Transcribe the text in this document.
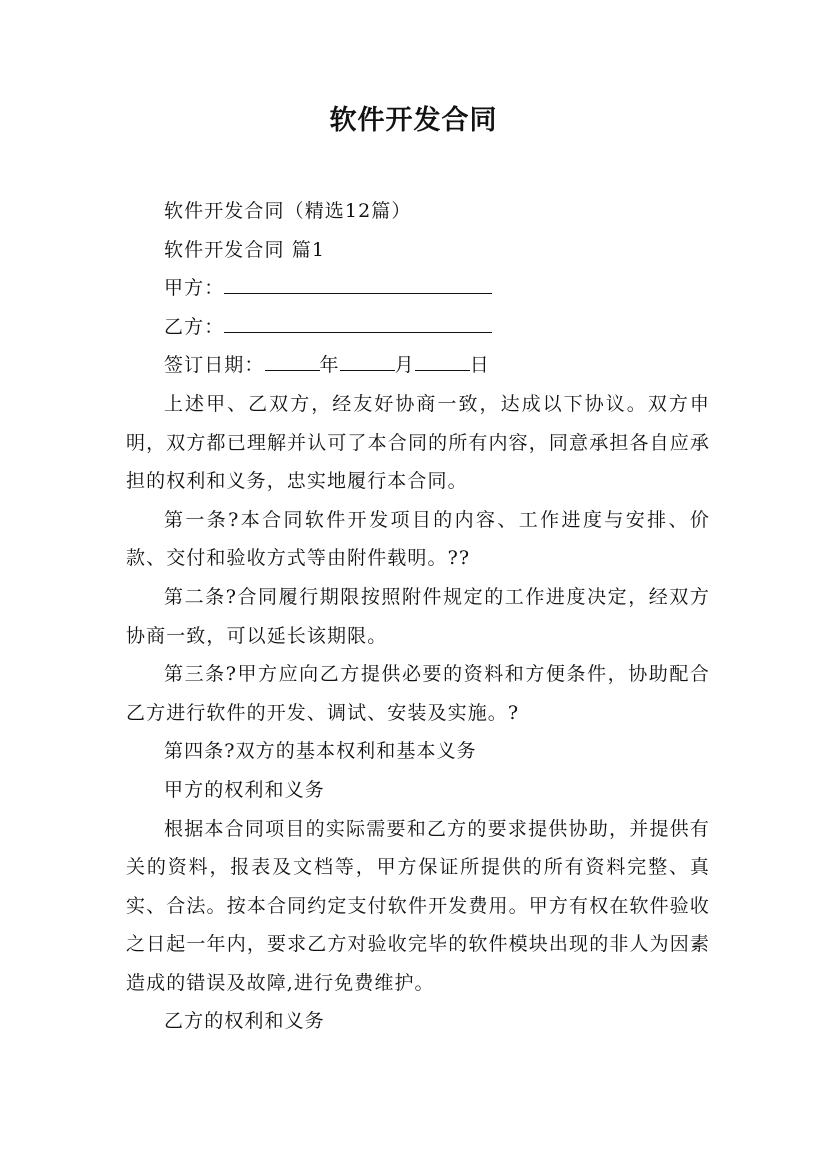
软件开发合同

软件开发合同（精选12篇）

软件开发合同 篇1

甲方：

乙方：

签订日期：	年	月	日

上述甲、乙双方，经友好协商一致，达成以下协议。双方申明，双方都已理解并认可了本合同的所有内容，同意承担各自应承担的权利和义务，忠实地履行本合同。

第一条?本合同软件开发项目的内容、工作进度与安排、价款、交付和验收方式等由附件载明。??

第二条?合同履行期限按照附件规定的工作进度决定，经双方协商一致，可以延长该期限。

第三条?甲方应向乙方提供必要的资料和方便条件，协助配合乙方进行软件的开发、调试、安装及实施。?

第四条?双方的基本权利和基本义务

甲方的权利和义务

根据本合同项目的实际需要和乙方的要求提供协助，并提供有关的资料，报表及文档等，甲方保证所提供的所有资料完整、真实、合法。按本合同约定支付软件开发费用。甲方有权在软件验收之日起一年内，要求乙方对验收完毕的软件模块出现的非人为因素造成的错误及故障,进行免费维护。

乙方的权利和义务
